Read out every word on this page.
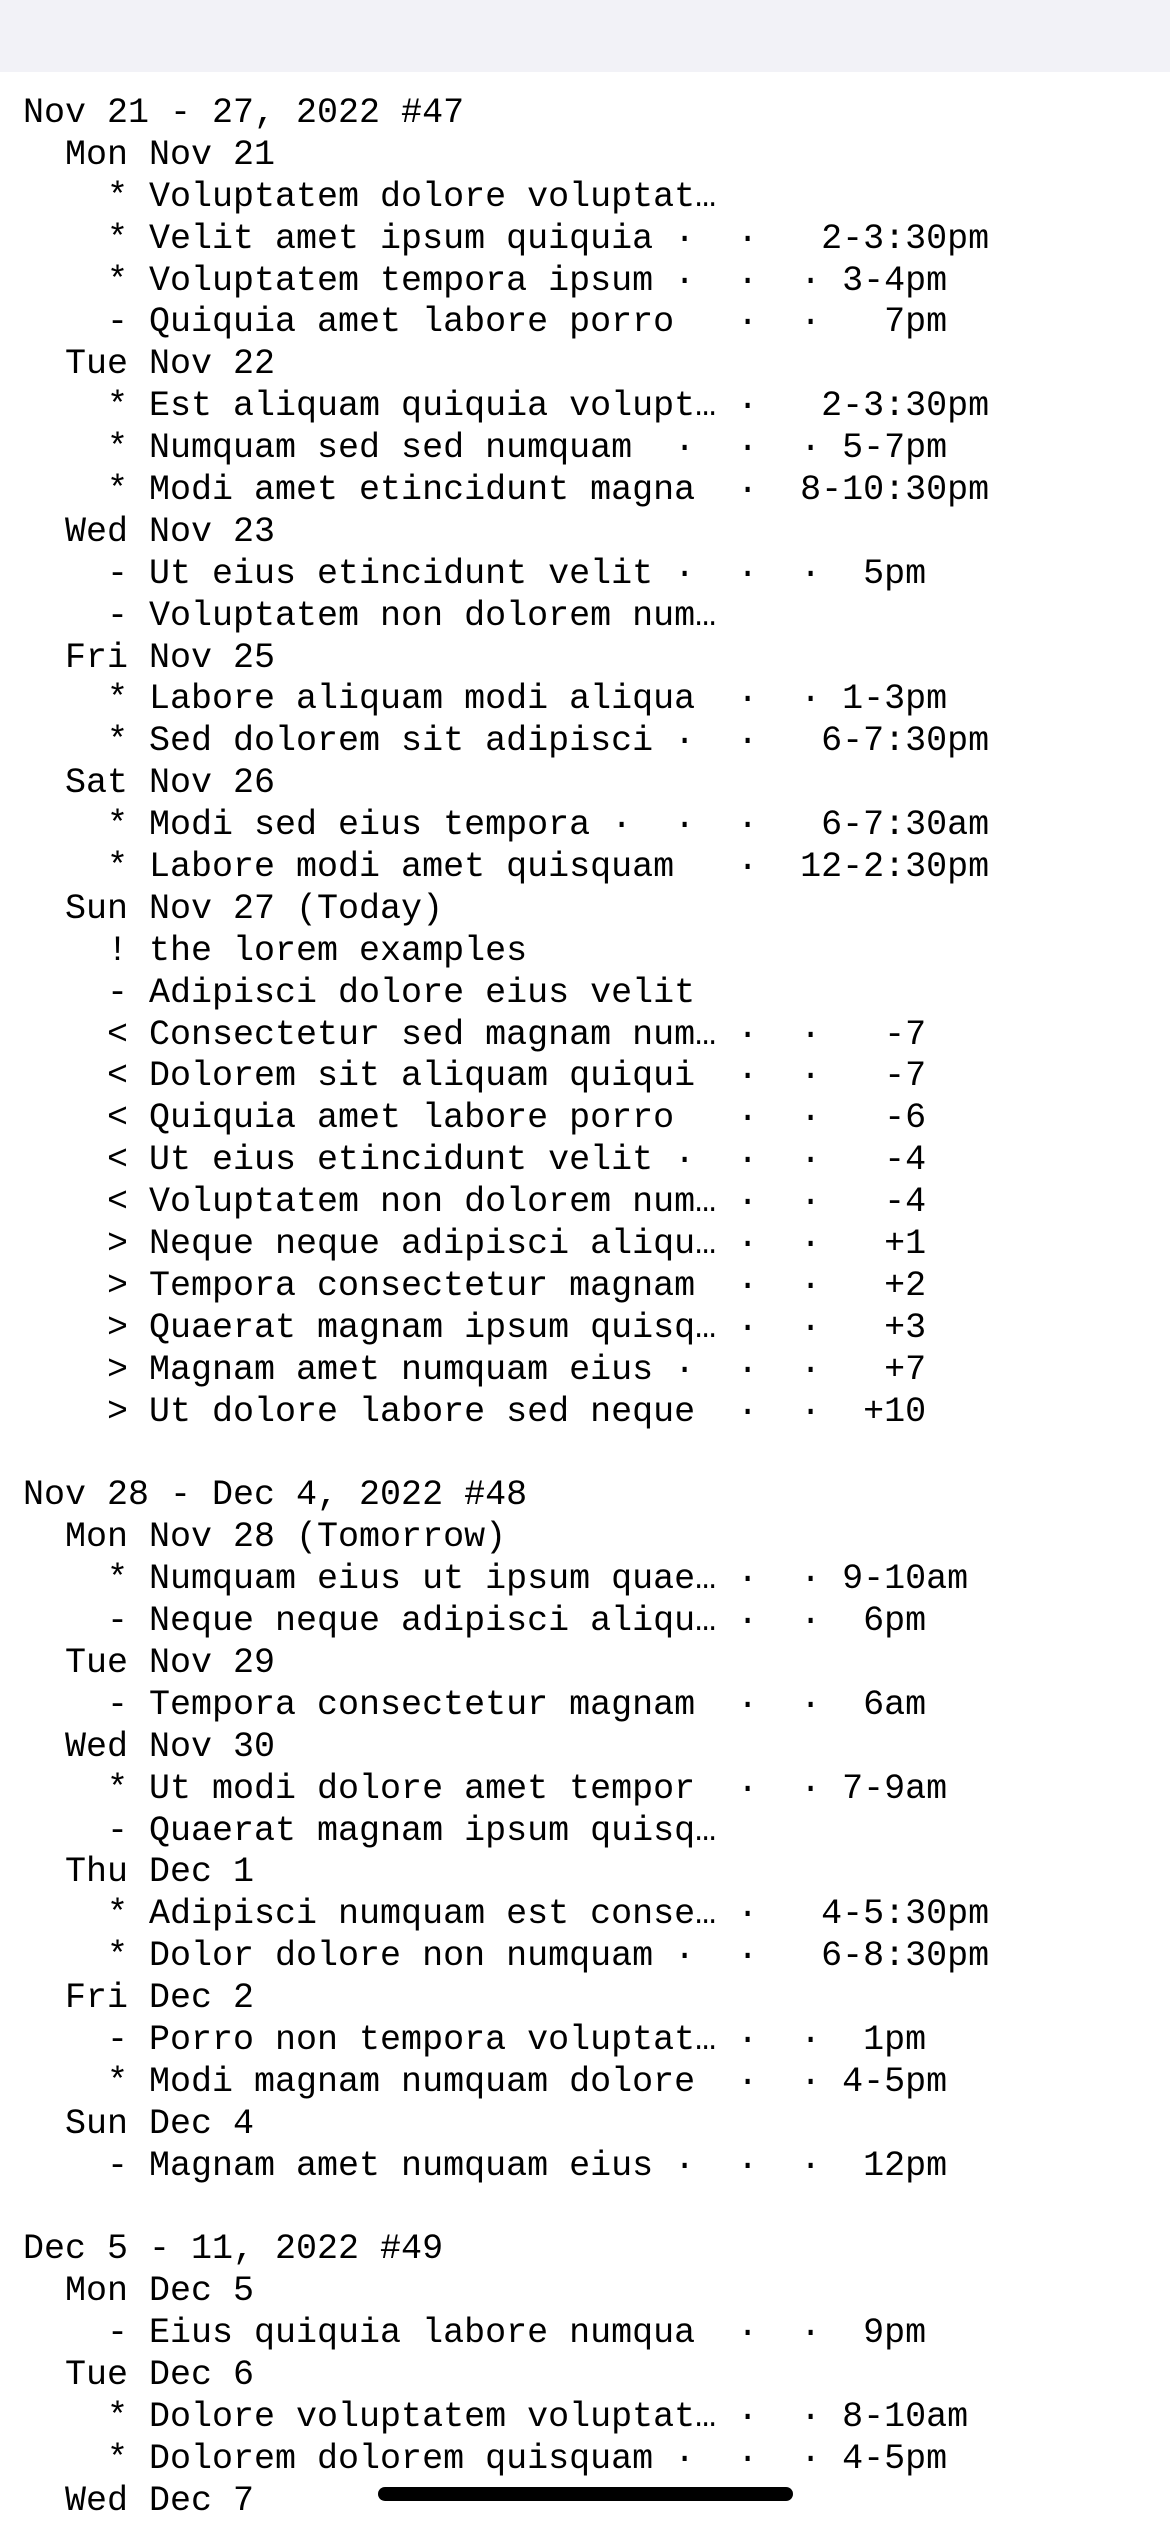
Nov 21 - 27, 2022 #47
Mon Nov 21
* Voluptatem dolore voluptat…
* Velit amet ipsum quiquia ·  ·   2-3:30pm
* Voluptatem tempora ipsum ·  ·  · 3-4pm
- Quiquia amet labore porro   ·  ·   7pm
Tue Nov 22
* Est aliquam quiquia volupt… ·   2-3:30pm
* Numquam sed sed numquam  ·  ·  · 5-7pm
* Modi amet etincidunt magna  ·  8-10:30pm
Wed Nov 23
- Ut eius etincidunt velit ·  ·  ·  5pm
- Voluptatem non dolorem num…
Fri Nov 25
* Labore aliquam modi aliqua  ·  · 1-3pm
* Sed dolorem sit adipisci ·  ·   6-7:30pm
Sat Nov 26
* Modi sed eius tempora ·  ·  ·   6-7:30am
* Labore modi amet quisquam   ·  12-2:30pm
Sun Nov 27 (Today)
! the lorem examples
- Adipisci dolore eius velit
< Consectetur sed magnam num… ·  ·   -7
< Dolorem sit aliquam quiqui  ·  ·   -7
< Quiquia amet labore porro   ·  ·   -6
< Ut eius etincidunt velit ·  ·  ·   -4
< Voluptatem non dolorem num… ·  ·   -4
> Neque neque adipisci aliqu… ·  ·   +1
> Tempora consectetur magnam  ·  ·   +2
> Quaerat magnam ipsum quisq… ·  ·   +3
> Magnam amet numquam eius ·  ·  ·   +7
> Ut dolore labore sed neque  ·  ·  +10
Nov 28 - Dec 4, 2022 #48
Mon Nov 28 (Tomorrow)
* Numquam eius ut ipsum quae… ·  · 9-10am
- Neque neque adipisci aliqu… ·  ·  6pm
Tue Nov 29
- Tempora consectetur magnam  ·  ·  6am
Wed Nov 30
* Ut modi dolore amet tempor  ·  · 7-9am
- Quaerat magnam ipsum quisq…
Thu Dec 1
* Adipisci numquam est conse… ·   4-5:30pm
* Dolor dolore non numquam ·  ·   6-8:30pm
Fri Dec 2
- Porro non tempora voluptat… ·  ·  1pm
* Modi magnam numquam dolore  ·  · 4-5pm
Sun Dec 4
- Magnam amet numquam eius ·  ·  ·  12pm
Dec 5 - 11, 2022 #49
Mon Dec 5
- Eius quiquia labore numqua  ·  ·  9pm
Tue Dec 6
* Dolore voluptatem voluptat… ·  · 8-10am
* Dolorem dolorem quisquam ·  ·  · 4-5pm
Wed Dec 7
